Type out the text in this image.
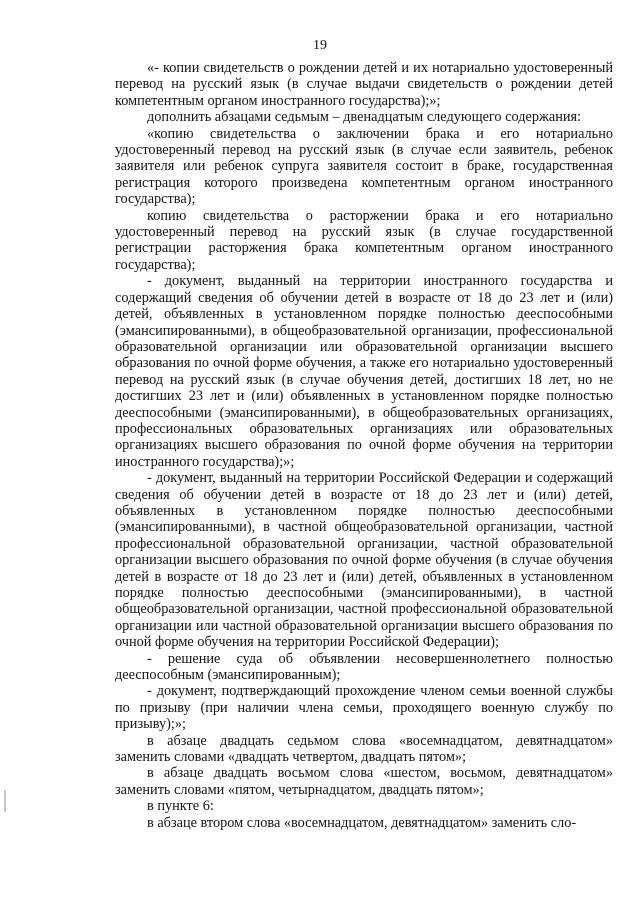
19

«- копии свидетельств о рождении детей и их нотариально удостоверенный перевод на русский язык (в случае выдачи свидетельств о рождении детей компетентным органом иностранного государства);»;

дополнить абзацами седьмым – двенадцатым следующего содержания:

«копию свидетельства о заключении брака и его нотариально удостоверенный перевод на русский язык (в случае если заявитель, ребенок заявителя или ребенок супруга заявителя состоит в браке, государственная регистрация которого произведена компетентным органом иностранного государства);

копию свидетельства о расторжении брака и его нотариально удостоверенный перевод на русский язык (в случае государственной регистрации расторжения брака компетентным органом иностранного государства);

- документ, выданный на территории иностранного государства и содержащий сведения об обучении детей в возрасте от 18 до 23 лет и (или) детей, объявленных в установленном порядке полностью дееспособными (эмансипированными), в общеобразовательной организации, профессиональной образовательной организации или образовательной организации высшего образования по очной форме обучения, а также его нотариально удостоверенный перевод на русский язык (в случае обучения детей, достигших 18 лет, но не достигших 23 лет и (или) объявленных в установленном порядке полностью дееспособными (эмансипированными), в общеобразовательных организациях, профессиональных образовательных организациях или образовательных организациях высшего образования по очной форме обучения на территории иностранного государства);»;

- документ, выданный на территории Российской Федерации и содержащий сведения об обучении детей в возрасте от 18 до 23 лет и (или) детей, объявленных в установленном порядке полностью дееспособными (эмансипированными), в частной общеобразовательной организации, частной профессиональной образовательной организации, частной образовательной организации высшего образования по очной форме обучения (в случае обучения детей в возрасте от 18 до 23 лет и (или) детей, объявленных в установленном порядке полностью дееспособными (эмансипированными), в частной общеобразовательной организации, частной профессиональной образовательной организации или частной образовательной организации высшего образования по очной форме обучения на территории Российской Федерации);

- решение суда об объявлении несовершеннолетнего полностью дееспособным (эмансипированным);

- документ, подтверждающий прохождение членом семьи военной службы по призыву (при наличии члена семьи, проходящего военную службу по призыву);»;

в абзаце двадцать седьмом слова «восемнадцатом, девятнадцатом» заменить словами «двадцать четвертом, двадцать пятом»;

в абзаце двадцать восьмом слова «шестом, восьмом, девятнадцатом» заменить словами «пятом, четырнадцатом, двадцать пятом»;

в пункте 6:

в абзаце втором слова «восемнадцатом, девятнадцатом» заменить сло-
